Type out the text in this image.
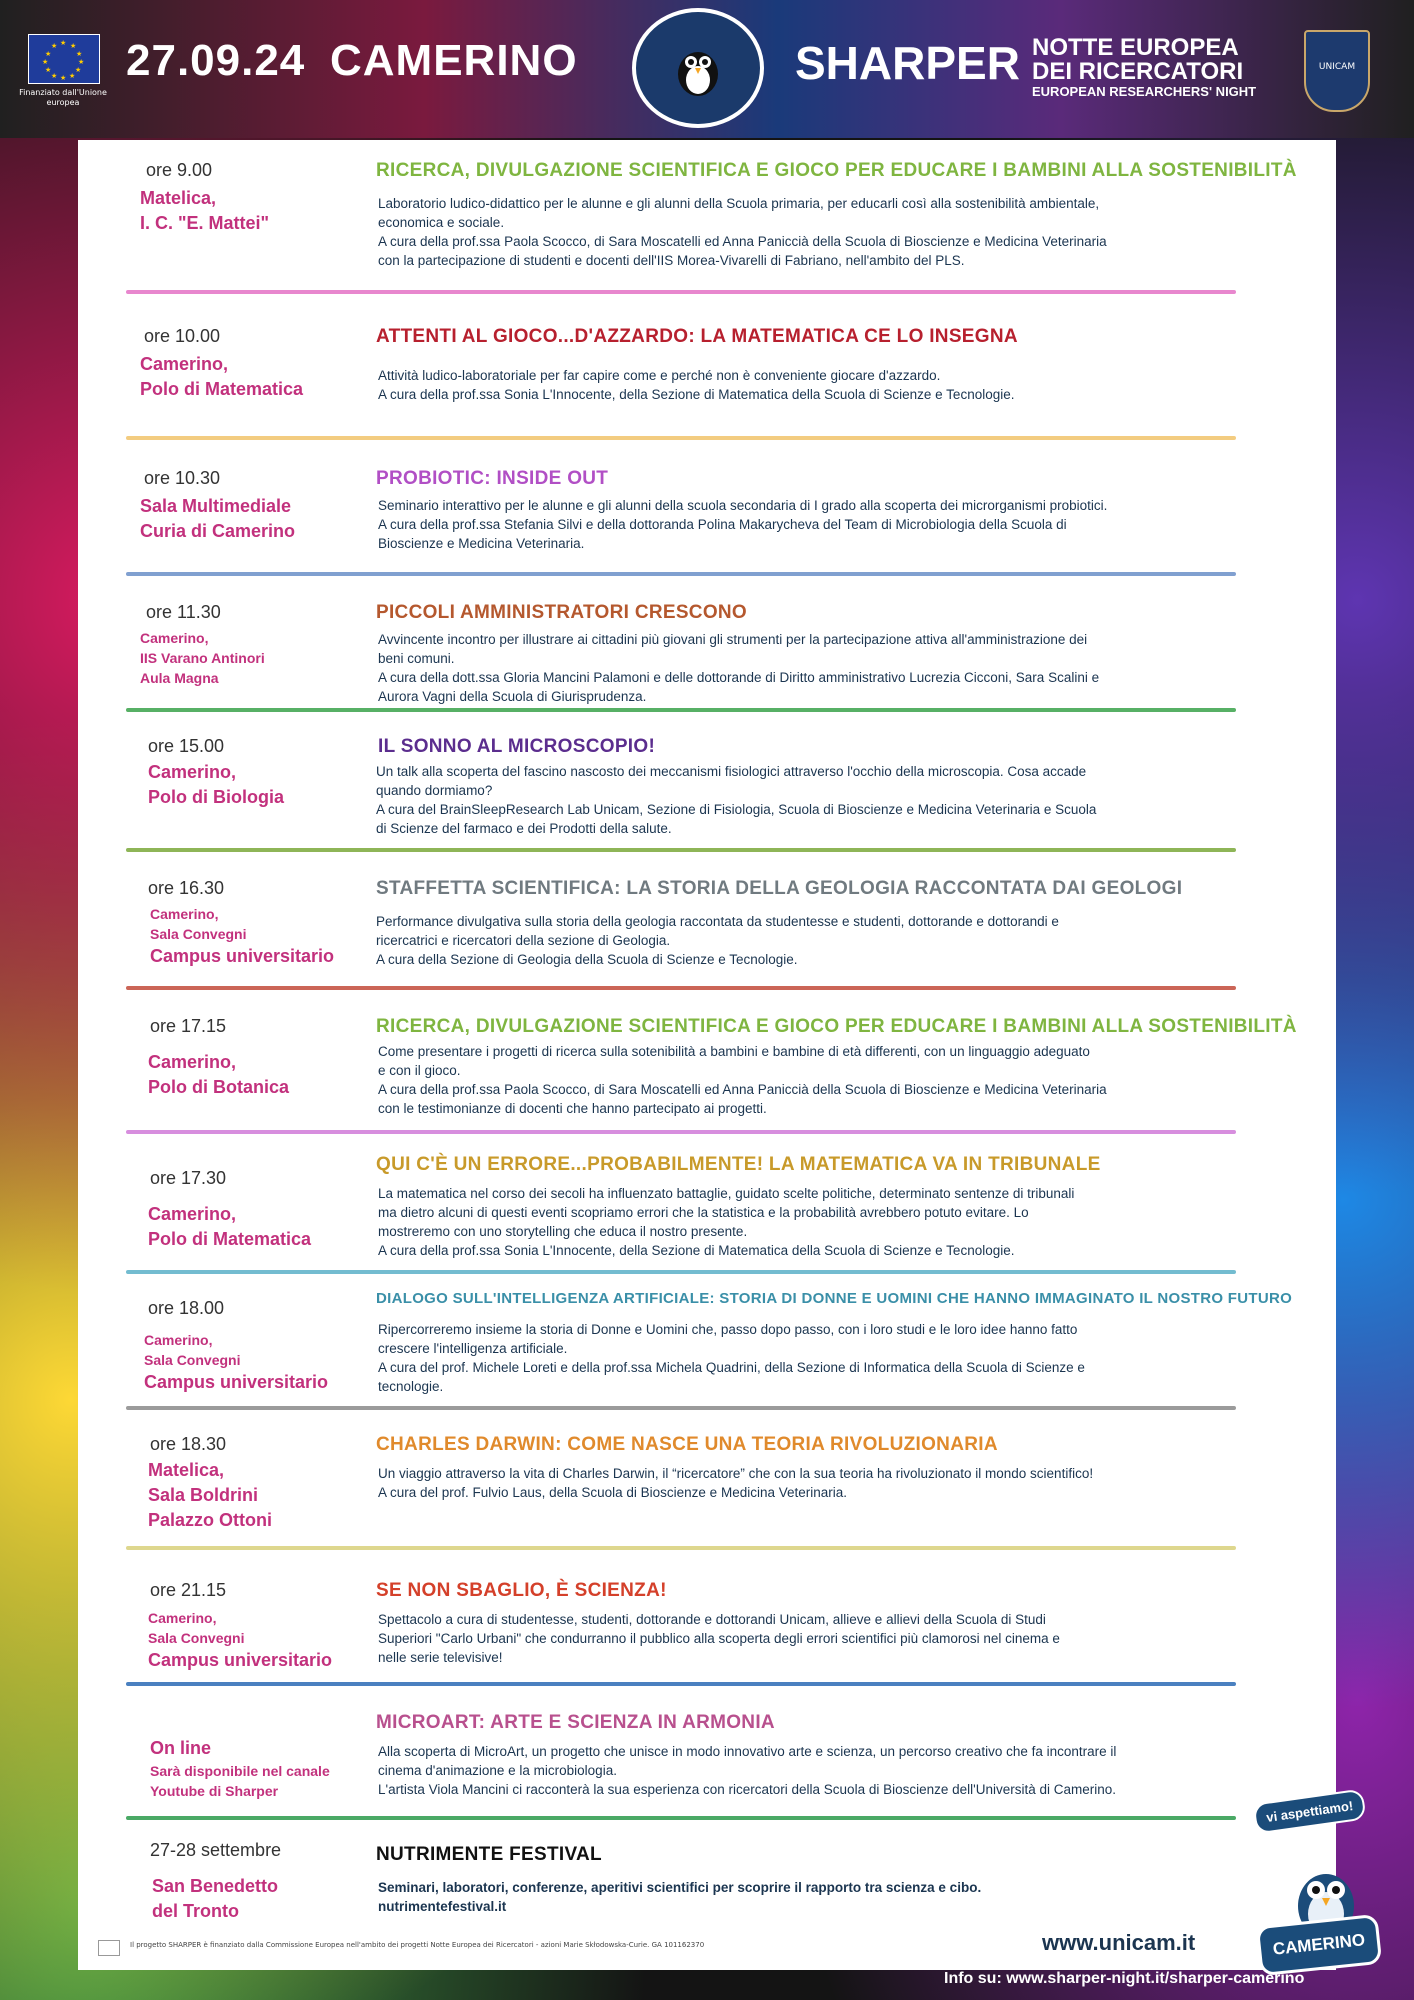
★ ★
★
★
★
★
★
★
★
★
★
★
Finanziato dall'Unione europea
27.09.24 CAMERINO	SHARPER NOTTE EUROPEA
DEI RICERCATORI
EUROPEAN RESEARCHERS' NIGHT
UNICAM
ore 9.00
Matelica,
I. C. "E. Mattei"
RICERCA, DIVULGAZIONE SCIENTIFICA E GIOCO PER EDUCARE I BAMBINI ALLA SOSTENIBILITÀ
Laboratorio ludico-didattico per le alunne e gli alunni della Scuola primaria, per educarli così alla sostenibilità ambientale,
economica e sociale.
A cura della prof.ssa Paola Scocco, di Sara Moscatelli ed Anna Paniccià della Scuola di Bioscienze e Medicina Veterinaria
con la partecipazione di studenti e docenti dell'IIS Morea-Vivarelli di Fabriano, nell'ambito del PLS.
ore 10.00
Camerino,
Polo di Matematica
ATTENTI AL GIOCO...D'AZZARDO: LA MATEMATICA CE LO INSEGNA
Attività ludico-laboratoriale per far capire come e perché non è conveniente giocare d'azzardo.
A cura della prof.ssa Sonia L'Innocente, della Sezione di Matematica della Scuola di Scienze e Tecnologie.
ore 10.30
Sala Multimediale
Curia di Camerino
PROBIOTIC: INSIDE OUT
Seminario interattivo per le alunne e gli alunni della scuola secondaria di I grado alla scoperta dei microrganismi probiotici.
A cura della prof.ssa Stefania Silvi e della dottoranda Polina Makarycheva del Team di Microbiologia della Scuola di
Bioscienze e Medicina Veterinaria.
ore 11.30
Camerino,
IIS Varano Antinori
Aula Magna
PICCOLI AMMINISTRATORI CRESCONO
Avvincente incontro per illustrare ai cittadini più giovani gli strumenti per la partecipazione attiva all'amministrazione dei
beni comuni.
A cura della dott.ssa Gloria Mancini Palamoni e delle dottorande di Diritto amministrativo Lucrezia Cicconi, Sara Scalini e
Aurora Vagni della Scuola di Giurisprudenza.
ore 15.00
Camerino,
Polo di Biologia
IL SONNO AL MICROSCOPIO!
Un talk alla scoperta del fascino nascosto dei meccanismi fisiologici attraverso l'occhio della microscopia. Cosa accade
quando dormiamo?
A cura del BrainSleepResearch Lab Unicam, Sezione di Fisiologia, Scuola di Bioscienze e Medicina Veterinaria e Scuola
di Scienze del farmaco e dei Prodotti della salute.
ore 16.30
Camerino,
Sala Convegni
Campus universitario
STAFFETTA SCIENTIFICA: LA STORIA DELLA GEOLOGIA RACCONTATA DAI GEOLOGI
Performance divulgativa sulla storia della geologia raccontata da studentesse e studenti, dottorande e dottorandi e
ricercatrici e ricercatori della sezione di Geologia.
A cura della Sezione di Geologia della Scuola di Scienze e Tecnologie.
ore 17.15
Camerino,
Polo di Botanica
RICERCA, DIVULGAZIONE SCIENTIFICA E GIOCO PER EDUCARE I BAMBINI ALLA SOSTENIBILITÀ
Come presentare i progetti di ricerca sulla sotenibilità a bambini e bambine di età differenti, con un linguaggio adeguato
e con il gioco.
A cura della prof.ssa Paola Scocco, di Sara Moscatelli ed Anna Paniccià della Scuola di Bioscienze e Medicina Veterinaria
con le testimonianze di docenti che hanno partecipato ai progetti.
ore 17.30
Camerino,
Polo di Matematica
QUI C'È UN ERRORE...PROBABILMENTE! LA MATEMATICA VA IN TRIBUNALE
La matematica nel corso dei secoli ha influenzato battaglie, guidato scelte politiche, determinato sentenze di tribunali
ma dietro alcuni di questi eventi scopriamo errori che la statistica e la probabilità avrebbero potuto evitare. Lo
mostreremo con uno storytelling che educa il nostro presente.
A cura della prof.ssa Sonia L'Innocente, della Sezione di Matematica della Scuola di Scienze e Tecnologie.
ore 18.00
Camerino,
Sala Convegni
Campus universitario
DIALOGO SULL'INTELLIGENZA ARTIFICIALE: STORIA DI DONNE E UOMINI CHE HANNO IMMAGINATO IL NOSTRO FUTURO
Ripercorreremo insieme la storia di Donne e Uomini che, passo dopo passo, con i loro studi e le loro idee hanno fatto
crescere l'intelligenza artificiale.
A cura del prof. Michele Loreti e della prof.ssa Michela Quadrini, della Sezione di Informatica della Scuola di Scienze e
tecnologie.
ore 18.30
Matelica,
Sala Boldrini
Palazzo Ottoni
CHARLES DARWIN: COME NASCE UNA TEORIA RIVOLUZIONARIA
Un viaggio attraverso la vita di Charles Darwin, il “ricercatore” che con la sua teoria ha rivoluzionato il mondo scientifico!
A cura del prof. Fulvio Laus, della Scuola di Bioscienze e Medicina Veterinaria.
ore 21.15
Camerino,
Sala Convegni
Campus universitario
SE NON SBAGLIO, È SCIENZA!
Spettacolo a cura di studentesse, studenti, dottorande e dottorandi Unicam, allieve e allievi della Scuola di Studi
Superiori "Carlo Urbani" che condurranno il pubblico alla scoperta degli errori scientifici più clamorosi nel cinema e
nelle serie televisive!
On line
Sarà disponibile nel canale
Youtube di Sharper
MICROART: ARTE E SCIENZA IN ARMONIA
Alla scoperta di MicroArt, un progetto che unisce in modo innovativo arte e scienza, un percorso creativo che fa incontrare il
cinema d'animazione e la microbiologia.
L'artista Viola Mancini ci racconterà la sua esperienza con ricercatori della Scuola di Bioscienze dell'Università di Camerino.
27-28 settembre
San Benedetto
del Tronto
NUTRIMENTE FESTIVAL
Seminari, laboratori, conferenze, aperitivi scientifici per scoprire il rapporto tra scienza e cibo.
nutrimentefestival.it
Il progetto SHARPER è finanziato dalla Commissione Europea nell'ambito dei progetti Notte Europea dei Ricercatori - azioni Marie Skłodowska-Curie. GA 101162370	www.unicam.it
vi aspettiamo!
CAMERINO
Info su: www.sharper-night.it/sharper-camerino
